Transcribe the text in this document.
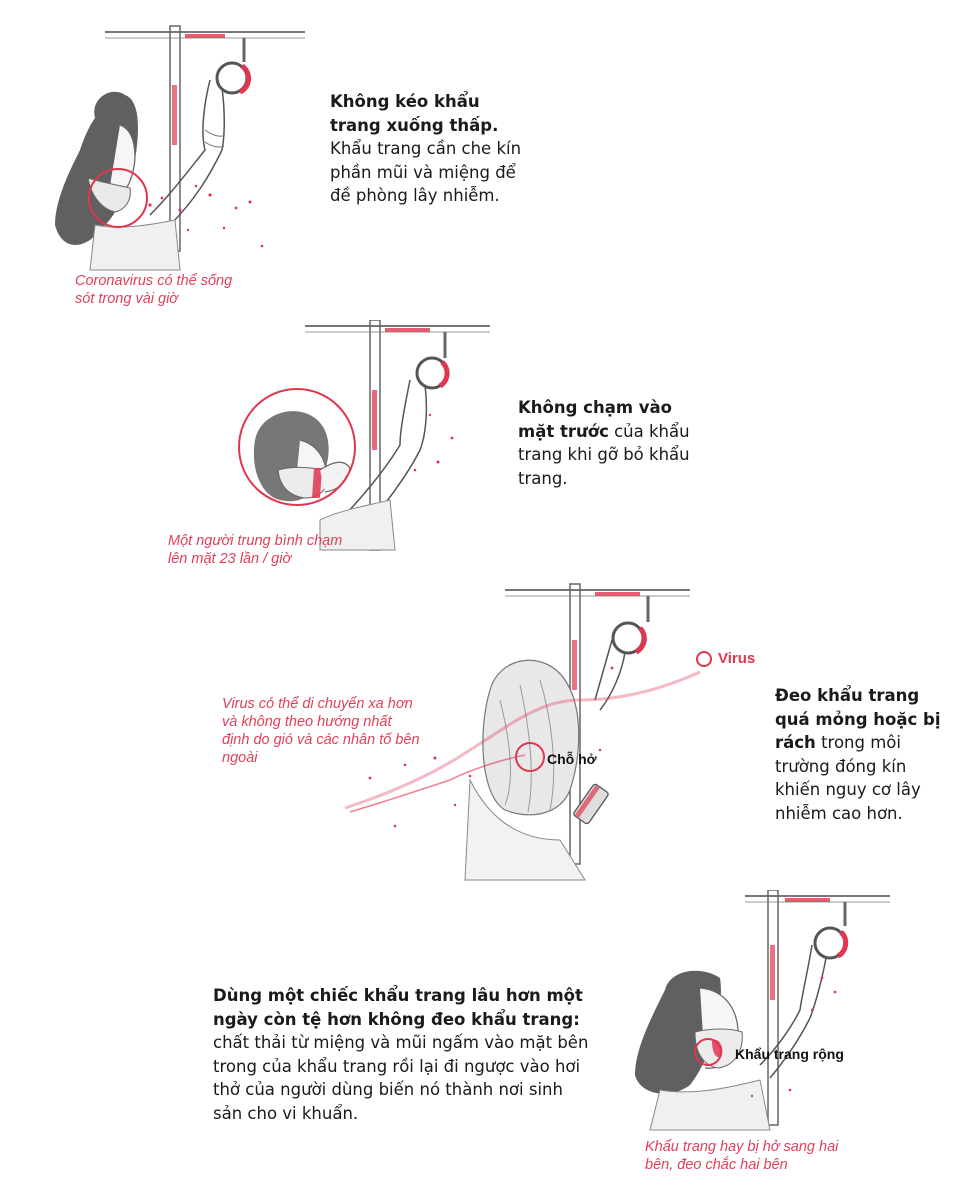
Không kéo khẩu trang xuống thấp. Khẩu trang cần che kín phần mũi và miệng để đề phòng lây nhiễm.
Coronavirus có thể sống sót trong vài giờ
Không chạm vào mặt trước của khẩu trang khi gỡ bỏ khẩu trang.
Một người trung bình chạm lên mặt 23 lần / giờ
Virus có thể di chuyển xa hơn và không theo hướng nhất định do gió và các nhân tố bên ngoài
Virus
Chỗ hở
Đeo khẩu trang quá mỏng hoặc bị rách trong môi trường đóng kín khiến nguy cơ lây nhiễm cao hơn.
Dùng một chiếc khẩu trang lâu hơn một ngày còn tệ hơn không đeo khẩu trang: chất thải từ miệng và mũi ngấm vào mặt bên trong của khẩu trang rồi lại đi ngược vào hơi thở của người dùng biến nó thành nơi sinh sản cho vi khuẩn.
Khẩu trang rộng
Khẩu trang hay bị hở sang hai bên, đeo chắc hai bên
